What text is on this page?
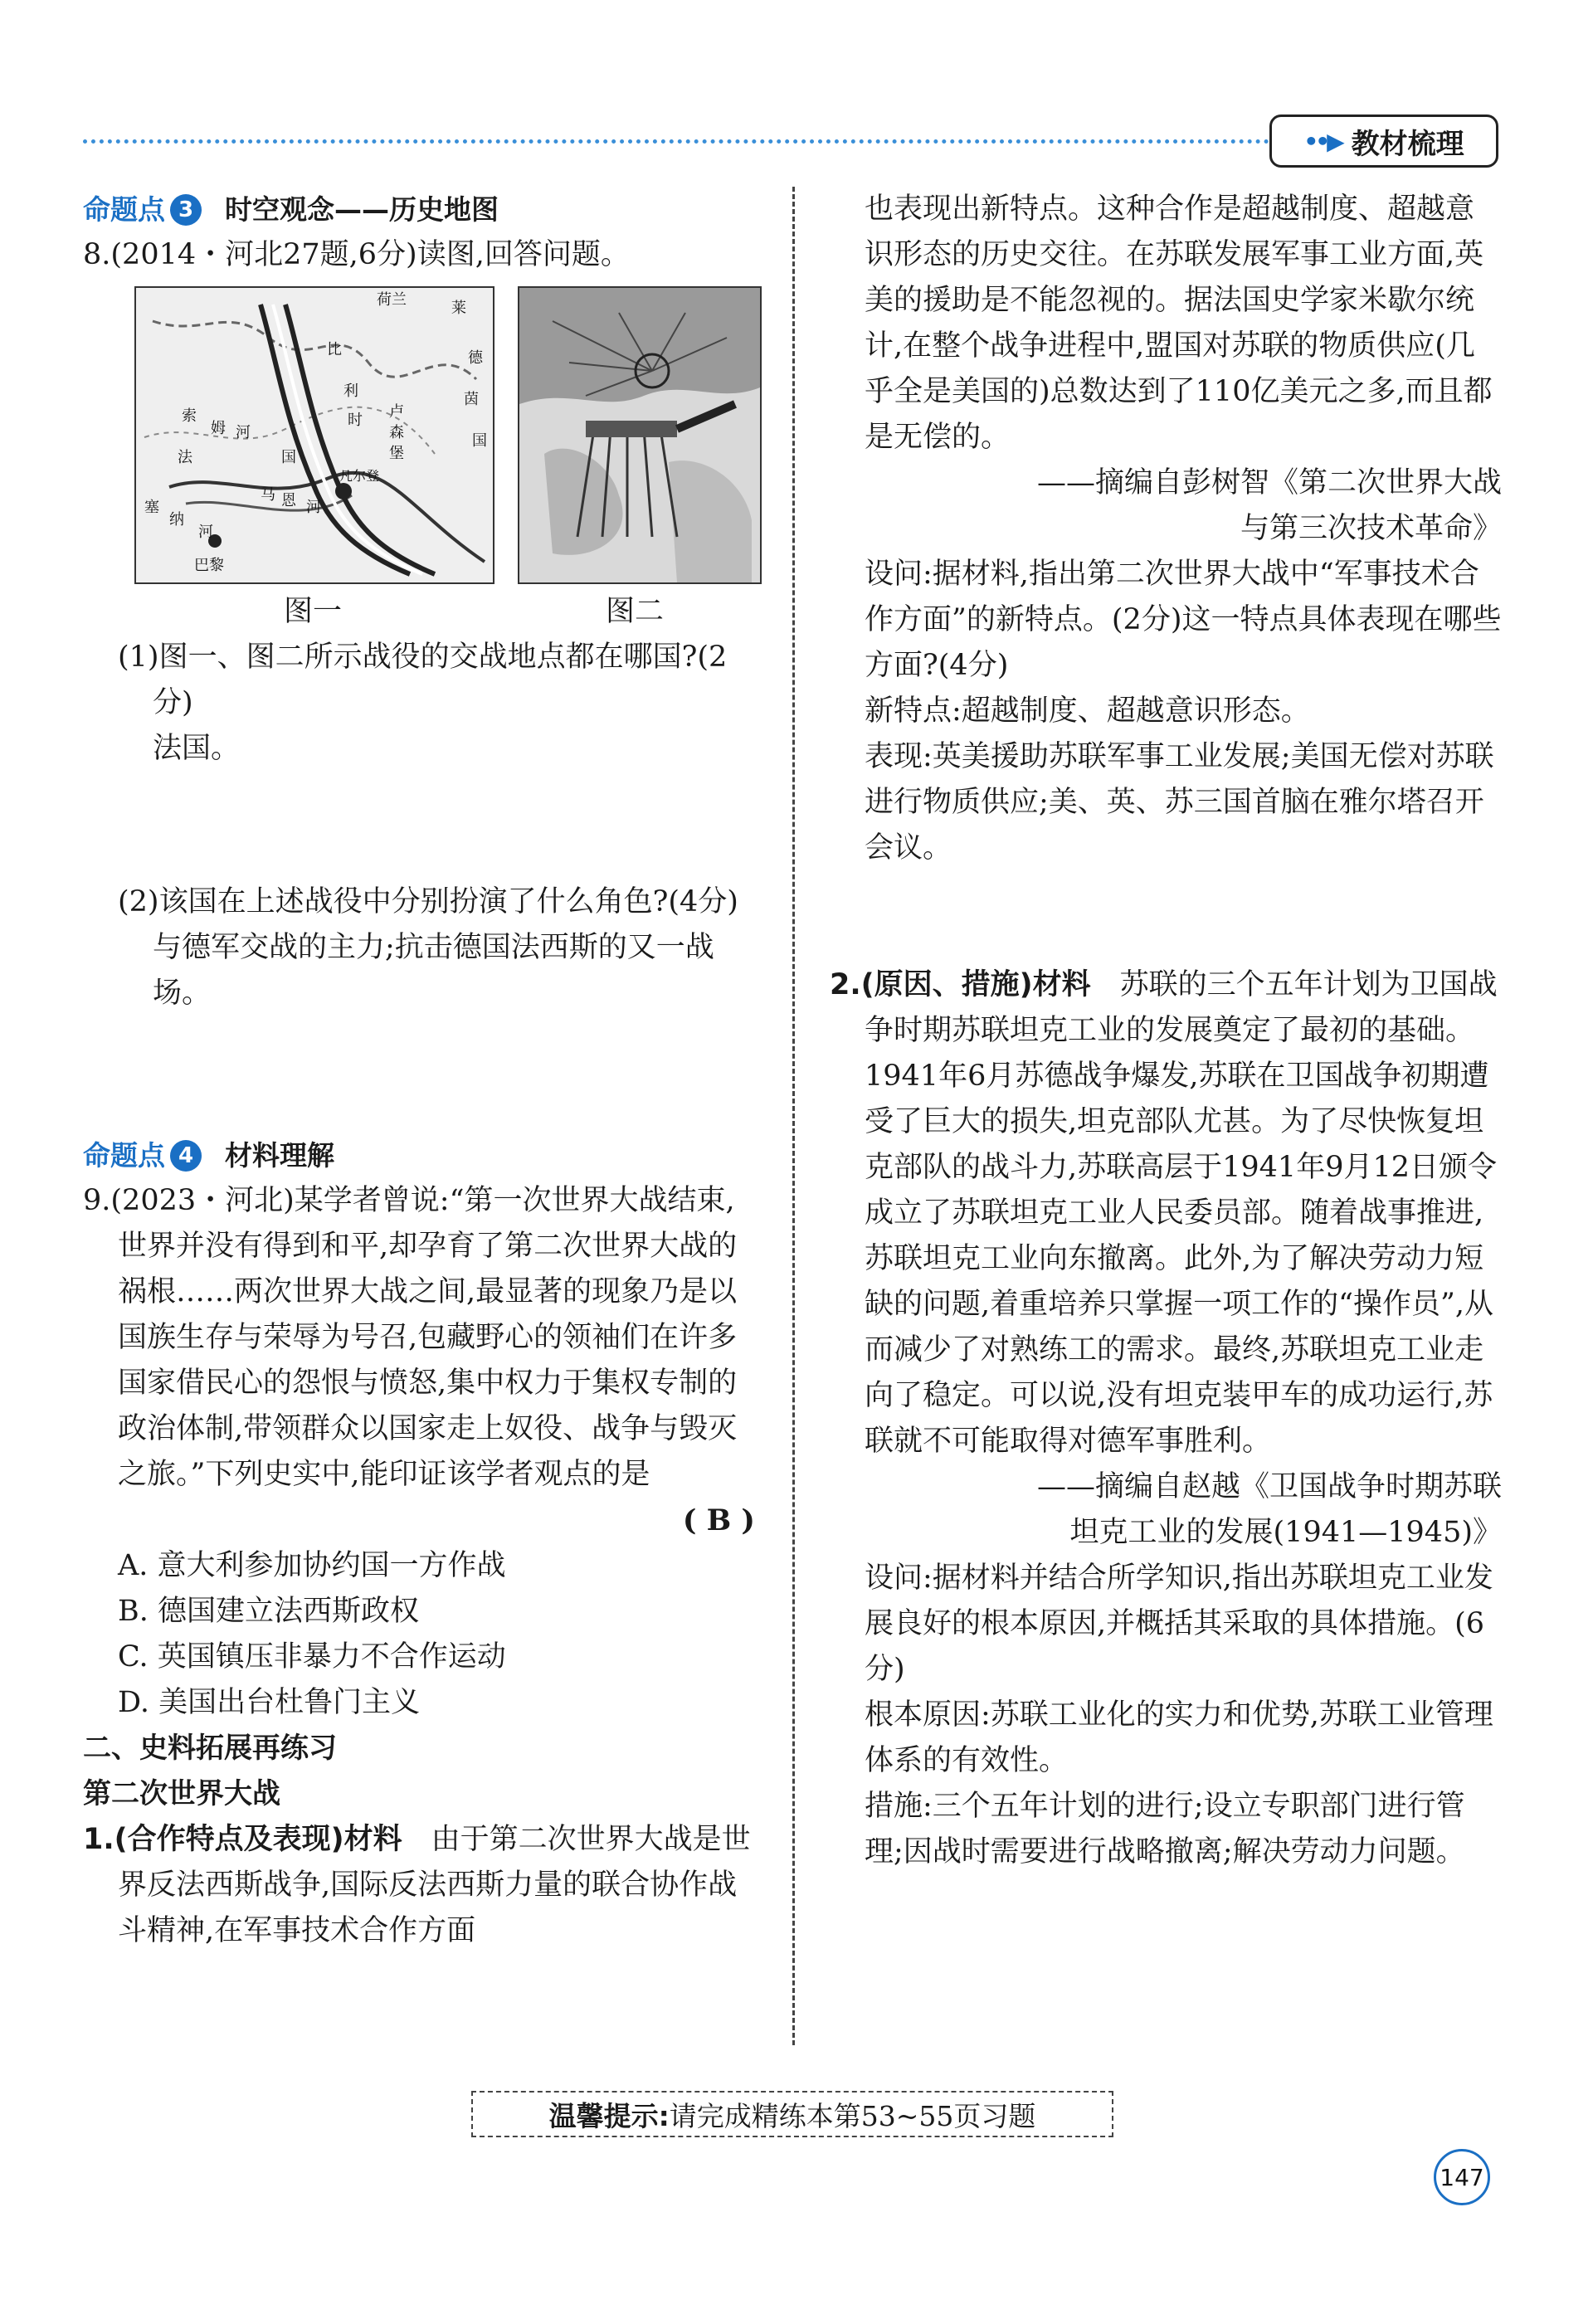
••▶ 教材梳理
命题点 3	时空观念——历史地图

8.(2014・河北27题,6分)读图,回答问题。

凡尔登
巴黎
荷兰	莱
德
茵
国
利
比
时 卢
森
堡
索
姆 河
法	国
塞
纳
河
马 恩 河
图一	图二

(1)图一、图二所示战役的交战地点都在哪国?(2分)

法国。

(2)该国在上述战役中分别扮演了什么角色?(4分)

与德军交战的主力;抗击德国法西斯的又一战场。

命题点 4	材料理解

9.(2023・河北)某学者曾说:“第一次世界大战结束,世界并没有得到和平,却孕育了第二次世界大战的祸根……两次世界大战之间,最显著的现象乃是以国族生存与荣辱为号召,包藏野心的领袖们在许多国家借民心的怨恨与愤怒,集中权力于集权专制的政治体制,带领群众以国家走上奴役、战争与毁灭之旅。”下列史实中,能印证该学者观点的是

( B )

A. 意大利参加协约国一方作战

B. 德国建立法西斯政权

C. 英国镇压非暴力不合作运动

D. 美国出台杜鲁门主义

二、史料拓展再练习

第二次世界大战

1.(合作特点及表现)材料　 由于第二次世界大战是世界反法西斯战争,国际反法西斯力量的联合协作战斗精神,在军事技术合作方面

也表现出新特点。这种合作是超越制度、超越意识形态的历史交往。在苏联发展军事工业方面,英美的援助是不能忽视的。据法国史学家米歇尔统计,在整个战争进程中,盟国对苏联的物质供应(几乎全是美国的)总数达到了110亿美元之多,而且都是无偿的。

——摘编自彭树智《第二次世界大战

与第三次技术革命》

设问:据材料,指出第二次世界大战中“军事技术合作方面”的新特点。(2分)这一特点具体表现在哪些方面?(4分)

新特点:超越制度、超越意识形态。

表现:英美援助苏联军事工业发展;美国无偿对苏联进行物质供应;美、英、苏三国首脑在雅尔塔召开会议。

2.(原因、措施)材料　 苏联的三个五年计划为卫国战争时期苏联坦克工业的发展奠定了最初的基础。1941年6月苏德战争爆发,苏联在卫国战争初期遭受了巨大的损失,坦克部队尤甚。为了尽快恢复坦克部队的战斗力,苏联高层于1941年9月12日颁令成立了苏联坦克工业人民委员部。随着战事推进,苏联坦克工业向东撤离。此外,为了解决劳动力短缺的问题,着重培养只掌握一项工作的“操作员”,从而减少了对熟练工的需求。最终,苏联坦克工业走向了稳定。可以说,没有坦克装甲车的成功运行,苏联就不可能取得对德军事胜利。

——摘编自赵越《卫国战争时期苏联

坦克工业的发展(1941—1945)》

设问:据材料并结合所学知识,指出苏联坦克工业发展良好的根本原因,并概括其采取的具体措施。(6分)

根本原因:苏联工业化的实力和优势,苏联工业管理体系的有效性。

措施:三个五年计划的进行;设立专职部门进行管理;因战时需要进行战略撤离;解决劳动力问题。

温馨提示: 请完成精练本第53~55页习题
147
